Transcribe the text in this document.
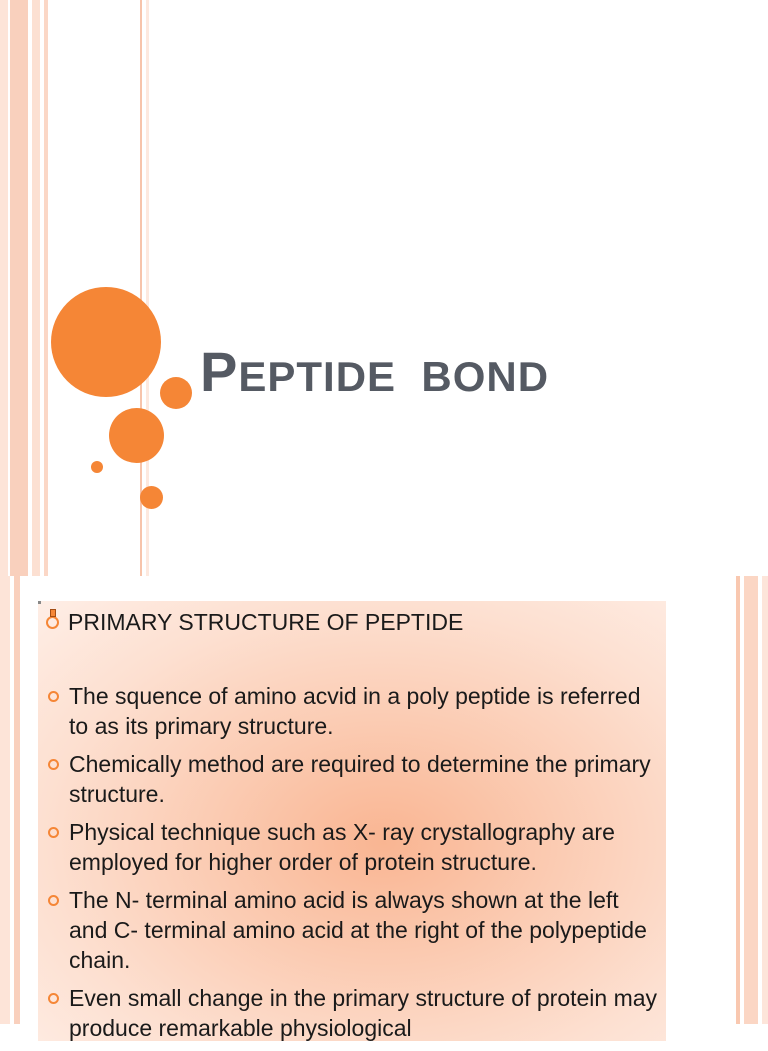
PEPTIDE BOND
PRIMARY STRUCTURE OF PEPTIDE
The squence of amino acvid in a poly peptide is referred to as its primary structure.
Chemically method are required to determine the primary structure.
Physical technique such as X- ray crystallography are employed for higher order of protein structure.
The N- terminal amino acid is always shown at the left and C- terminal amino acid at the right of the polypeptide chain.
Even small change in the primary structure of protein may produce remarkable physiological
